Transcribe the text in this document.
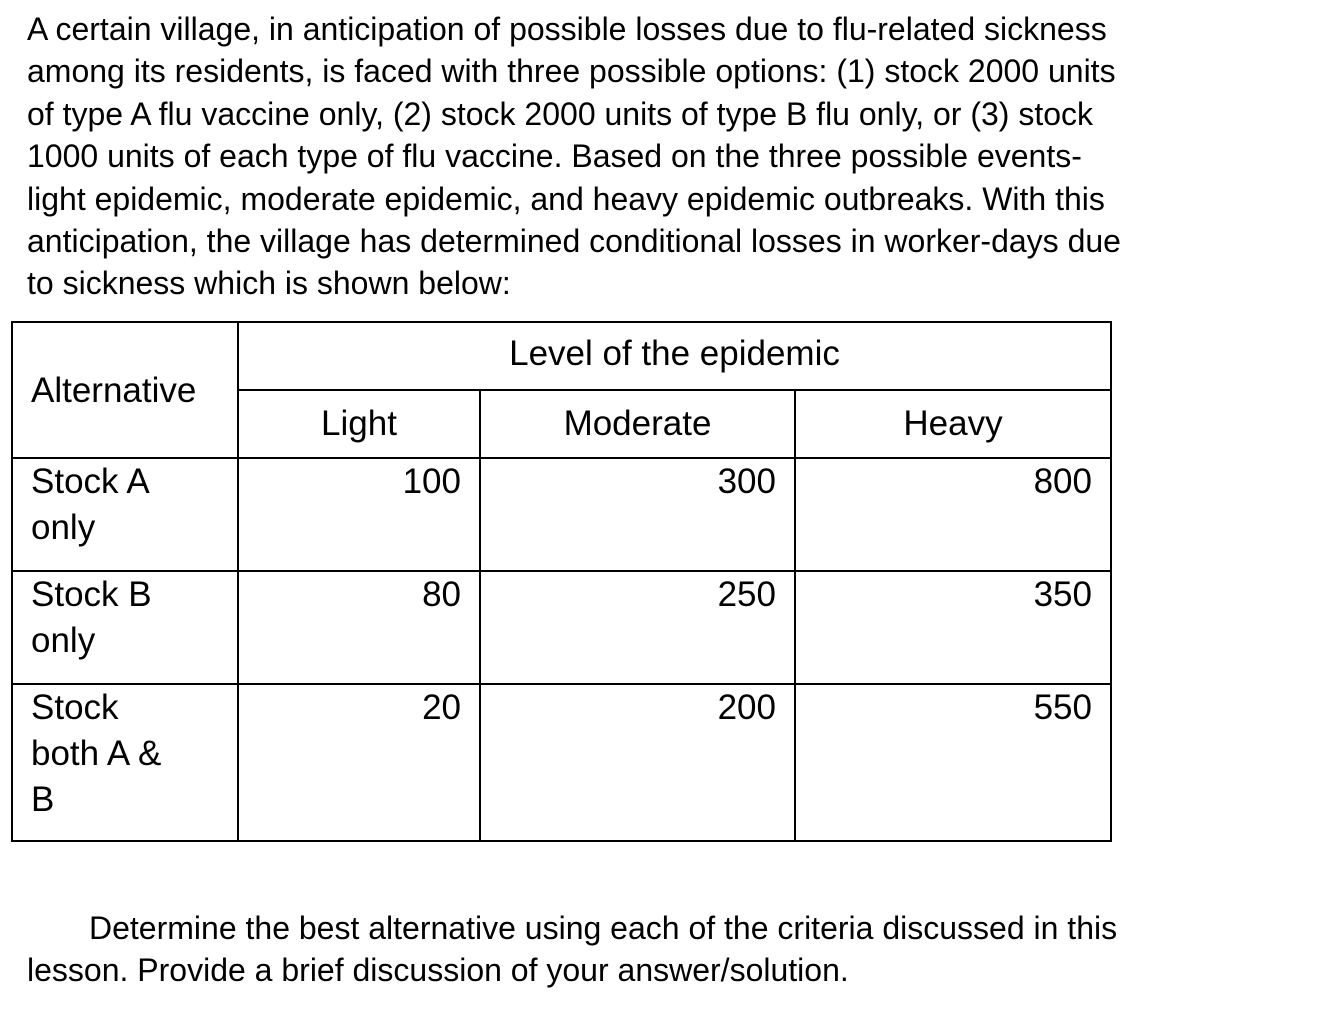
A certain village, in anticipation of possible losses due to flu-related sickness
among its residents, is faced with three possible options: (1) stock 2000 units
of type A flu vaccine only, (2) stock 2000 units of type B flu only, or (3) stock
1000 units of each type of flu vaccine. Based on the three possible events-
light epidemic, moderate epidemic, and heavy epidemic outbreaks. With this
anticipation, the village has determined conditional losses in worker-days due
to sickness which is shown below:
Alternative	Level of the epidemic		

	Light	Moderate	Heavy

Stock A
only	100	300	800

Stock B
only	80	250	350

Stock
both A &
B	20	200	550
Determine the best alternative using each of the criteria discussed in this
lesson. Provide a brief discussion of your answer/solution.
